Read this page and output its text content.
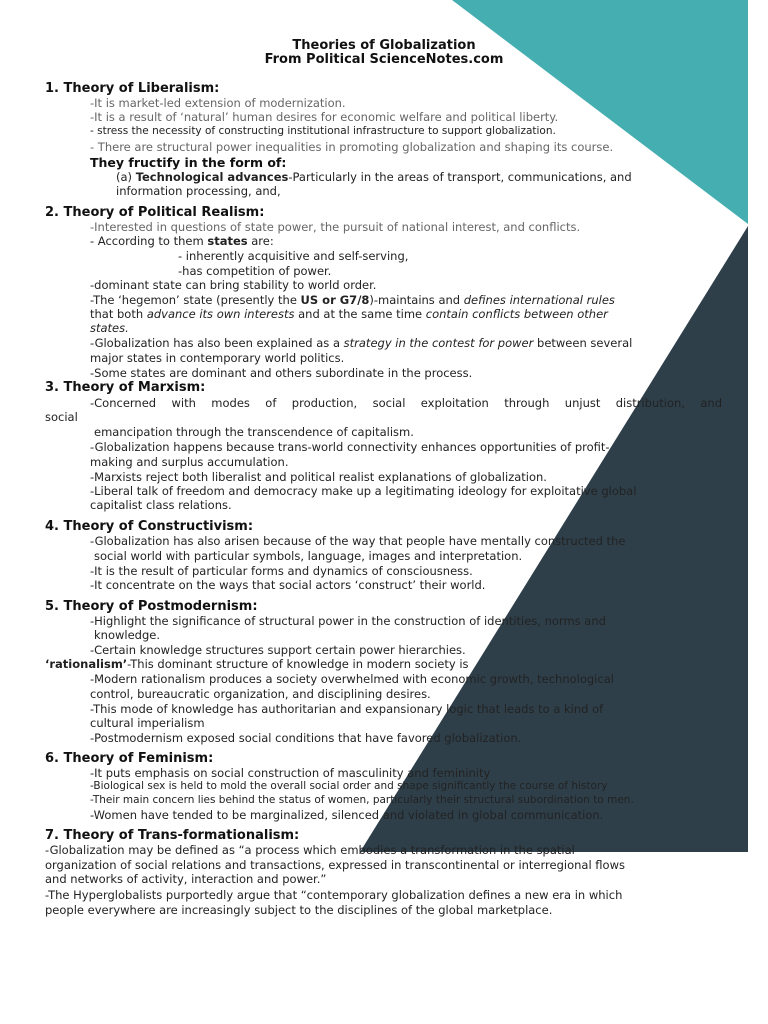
Theories of Globalization
From Political ScienceNotes.com
1. Theory of Liberalism:
-It is market-led extension of modernization.
-It is a result of ‘natural’ human desires for economic welfare and political liberty.
- stress the necessity of constructing institutional infrastructure to support globalization.
- There are structural power inequalities in promoting globalization and shaping its course.
They fructify in the form of:
(a) Technological advances-Particularly in the areas of transport, communications, and
information processing, and,
2. Theory of Political Realism:
-Interested in questions of state power, the pursuit of national interest, and conflicts.
- According to them states are:
- inherently acquisitive and self-serving,
-has competition of power.
-dominant state can bring stability to world order.
-The ‘hegemon’ state (presently the US or G7/8)-maintains and defines international rules
that both advance its own interests and at the same time contain conflicts between other
states.
-Globalization has also been explained as a strategy in the contest for power between several
major states in contemporary world politics.
-Some states are dominant and others subordinate in the process.
3. Theory of Marxism:
-Concerned with modes of production, social exploitation through unjust distribution, and
social
emancipation through the transcendence of capitalism.
-Globalization happens because trans-world connectivity enhances opportunities of profit-
making and surplus accumulation.
-Marxists reject both liberalist and political realist explanations of globalization.
-Liberal talk of freedom and democracy make up a legitimating ideology for exploitative global
capitalist class relations.
4. Theory of Constructivism:
-Globalization has also arisen because of the way that people have mentally constructed the
social world with particular symbols, language, images and interpretation.
-It is the result of particular forms and dynamics of consciousness.
-It concentrate on the ways that social actors ‘construct’ their world.
5. Theory of Postmodernism:
-Highlight the significance of structural power in the construction of identities, norms and
knowledge.
-Certain knowledge structures support certain power hierarchies.
‘rationalism’-This dominant structure of knowledge in modern society is
-Modern rationalism produces a society overwhelmed with economic growth, technological
control, bureaucratic organization, and disciplining desires.
-This mode of knowledge has authoritarian and expansionary logic that leads to a kind of
cultural imperialism
-Postmodernism exposed social conditions that have favored globalization.
6. Theory of Feminism:
-It puts emphasis on social construction of masculinity and femininity
-Biological sex is held to mold the overall social order and shape significantly the course of history
-Their main concern lies behind the status of women, particularly their structural subordination to men.
-Women have tended to be marginalized, silenced and violated in global communication.
7. Theory of Trans-formationalism:
-Globalization may be defined as “a process which embodies a transformation in the spatial
organization of social relations and transactions, expressed in transcontinental or interregional flows
and networks of activity, interaction and power.”
-The Hyperglobalists purportedly argue that “contemporary globalization defines a new era in which
people everywhere are increasingly subject to the disciplines of the global marketplace.
